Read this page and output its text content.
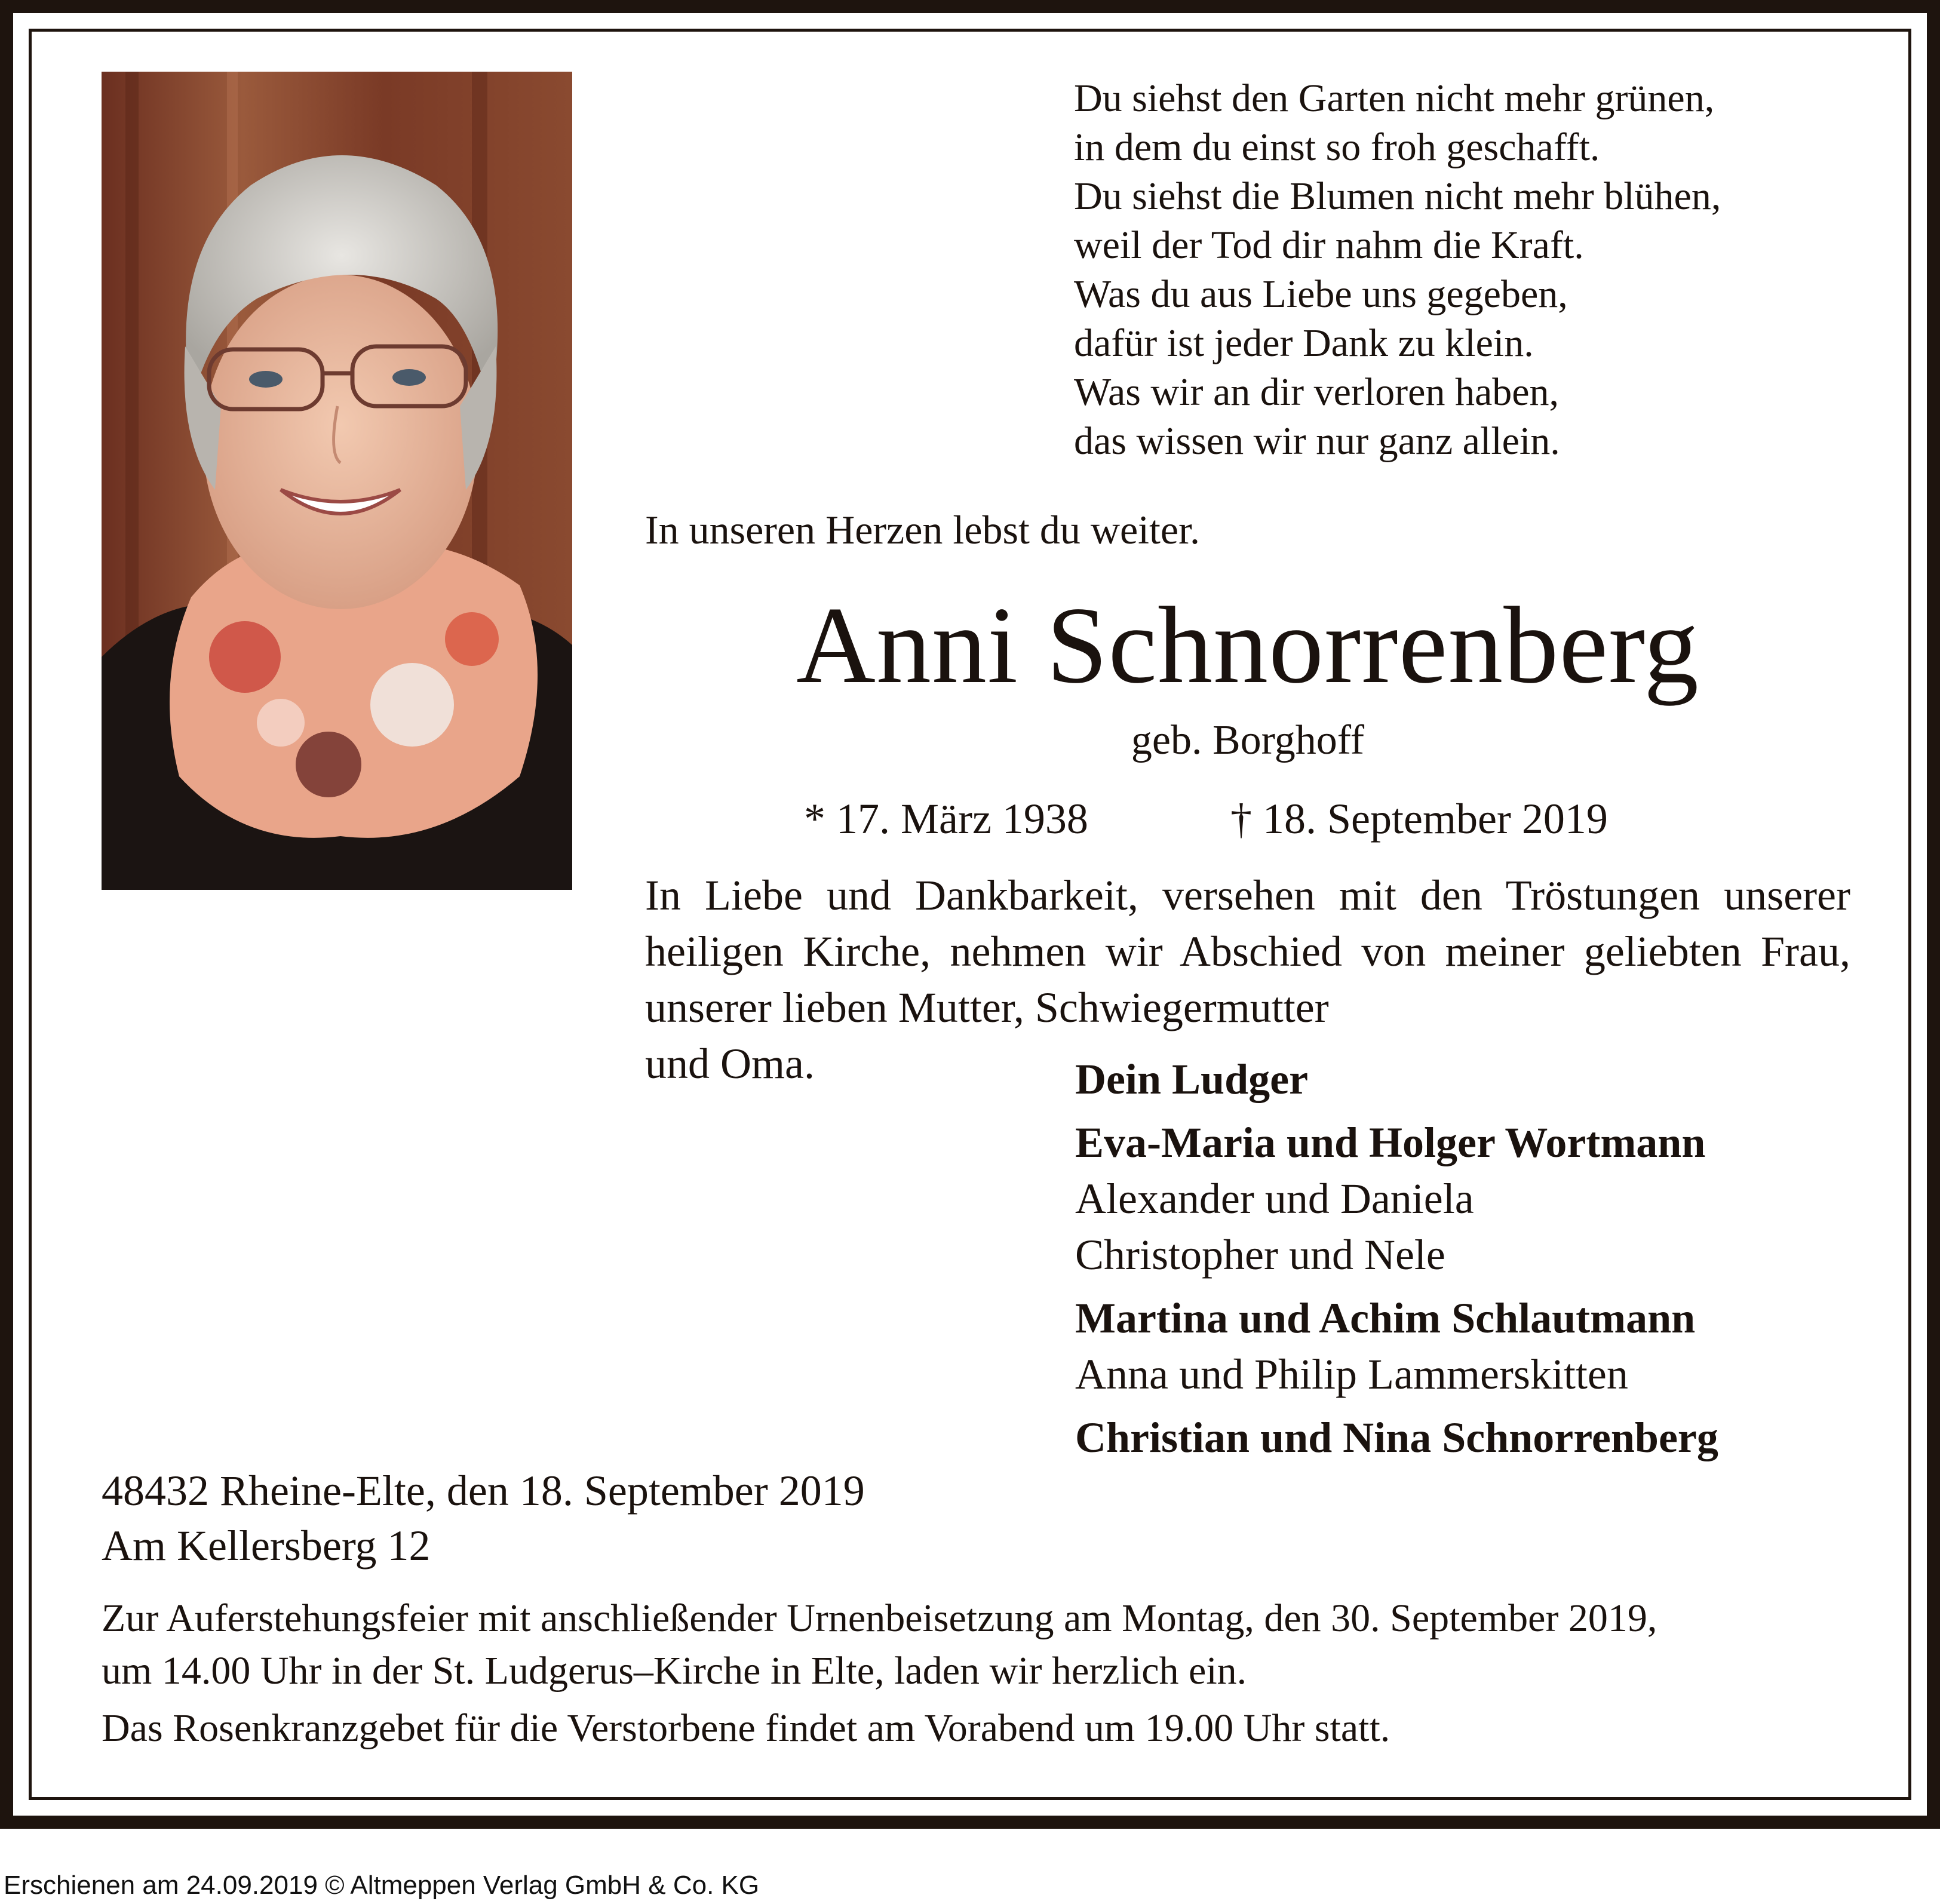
Du siehst den Garten nicht mehr grünen,
in dem du einst so froh geschafft.
Du siehst die Blumen nicht mehr blühen,
weil der Tod dir nahm die Kraft.
Was du aus Liebe uns gegeben,
dafür ist jeder Dank zu klein.
Was wir an dir verloren haben,
das wissen wir nur ganz allein.
In unseren Herzen lebst du weiter.
Anni Schnorrenberg
geb. Borghoff
* 17. März 1938	† 18. September 2019
In Liebe und Dankbarkeit, versehen mit den Tröstungen unserer heiligen Kirche, nehmen wir Abschied von meiner geliebten Frau, unserer lieben Mutter, Schwiegermutter
und Oma.	Dein Ludger
Eva-Maria und Holger Wortmann
Alexander und Daniela
Christopher und Nele
Martina und Achim Schlautmann
Anna und Philip Lammerskitten
Christian und Nina Schnorrenberg
48432 Rheine-Elte, den 18. September 2019
Am Kellersberg 12
Zur Auferstehungsfeier mit anschließender Urnenbeisetzung am Montag, den 30. September 2019,
um 14.00 Uhr in der St. Ludgerus–Kirche in Elte, laden wir herzlich ein.
Das Rosenkranzgebet für die Verstorbene findet am Vorabend um 19.00 Uhr statt.
Erschienen am 24.09.2019 © Altmeppen Verlag GmbH & Co. KG
